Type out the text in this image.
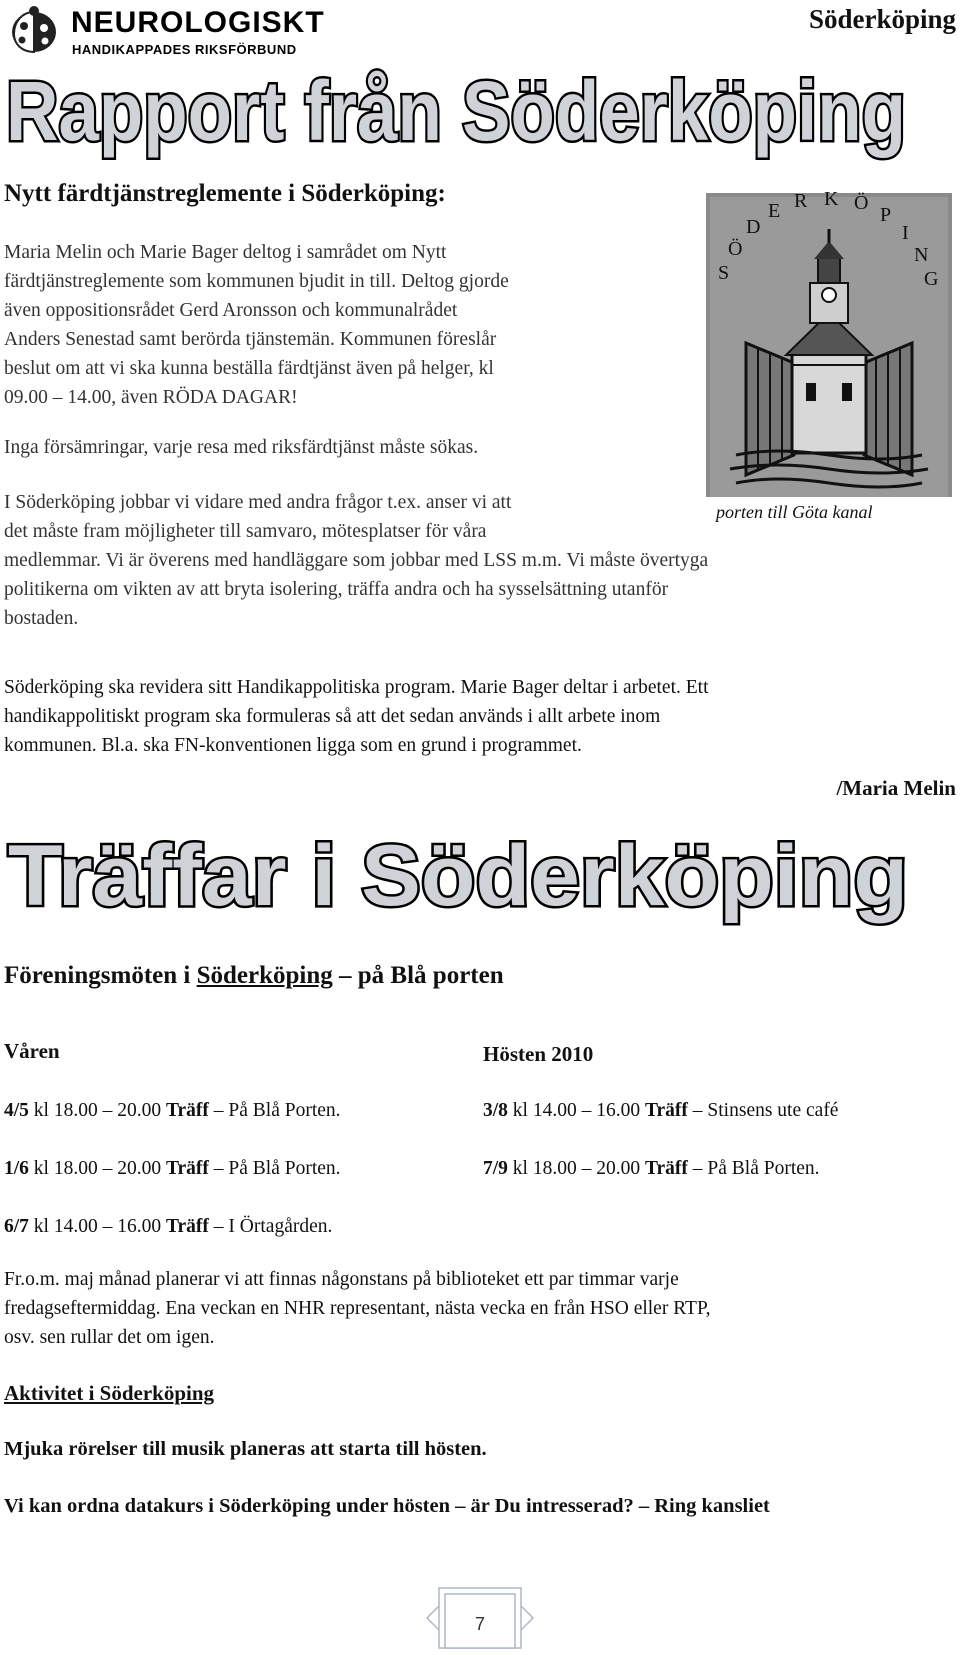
NEUROLOGISKT
HANDIKAPPADES RIKSFÖRBUND
Söderköping
Rapport från Söderköping
Nytt färdtjänstreglemente i Söderköping:

Maria Melin och Marie Bager deltog i samrådet om Nytt

färdtjänstreglemente som kommunen bjudit in till. Deltog gjorde

även oppositionsrådet Gerd Aronsson och kommunalrådet

Anders Senestad samt berörda tjänstemän. Kommunen föreslår

beslut om att vi ska kunna beställa färdtjänst även på helger, kl

09.00 – 14.00, även RÖDA DAGAR!

Inga försämringar, varje resa med riksfärdtjänst måste sökas.

I Söderköping jobbar vi vidare med andra frågor t.ex. anser vi att

det måste fram möjligheter till samvaro, mötesplatser för våra

medlemmar. Vi är överens med handläggare som jobbar med LSS m.m. Vi måste övertyga

politikerna om vikten av att bryta isolering, träffa andra och ha sysselsättning utanför

bostaden.

Söderköping ska revidera sitt Handikappolitiska program. Marie Bager deltar i arbetet. Ett

handikappolitiskt program ska formuleras så att det sedan används i allt arbete inom

kommunen. Bl.a. ska FN-konventionen ligga som en grund i programmet.

/Maria Melin
S
Ö
D
E R K Ö
P
I
N
G
porten till Göta kanal
Träffar i Söderköping
Föreningsmöten i Söderköping – på Blå porten
Våren	Hösten 2010
4/5 kl 18.00 – 20.00 Träff – På Blå Porten.
1/6 kl 18.00 – 20.00 Träff – På Blå Porten.
6/7 kl 14.00 – 16.00 Träff – I Örtagården.
3/8 kl 14.00 – 16.00 Träff – Stinsens ute café
7/9 kl 18.00 – 20.00 Träff – På Blå Porten.

Fr.o.m. maj månad planerar vi att finnas någonstans på biblioteket ett par timmar varje

fredagseftermiddag. Ena veckan en NHR representant, nästa vecka en från HSO eller RTP,

osv. sen rullar det om igen.

Aktivitet i Söderköping
Mjuka rörelser till musik planeras att starta till hösten.
Vi kan ordna datakurs i Söderköping under hösten – är Du intresserad? – Ring kansliet
7
